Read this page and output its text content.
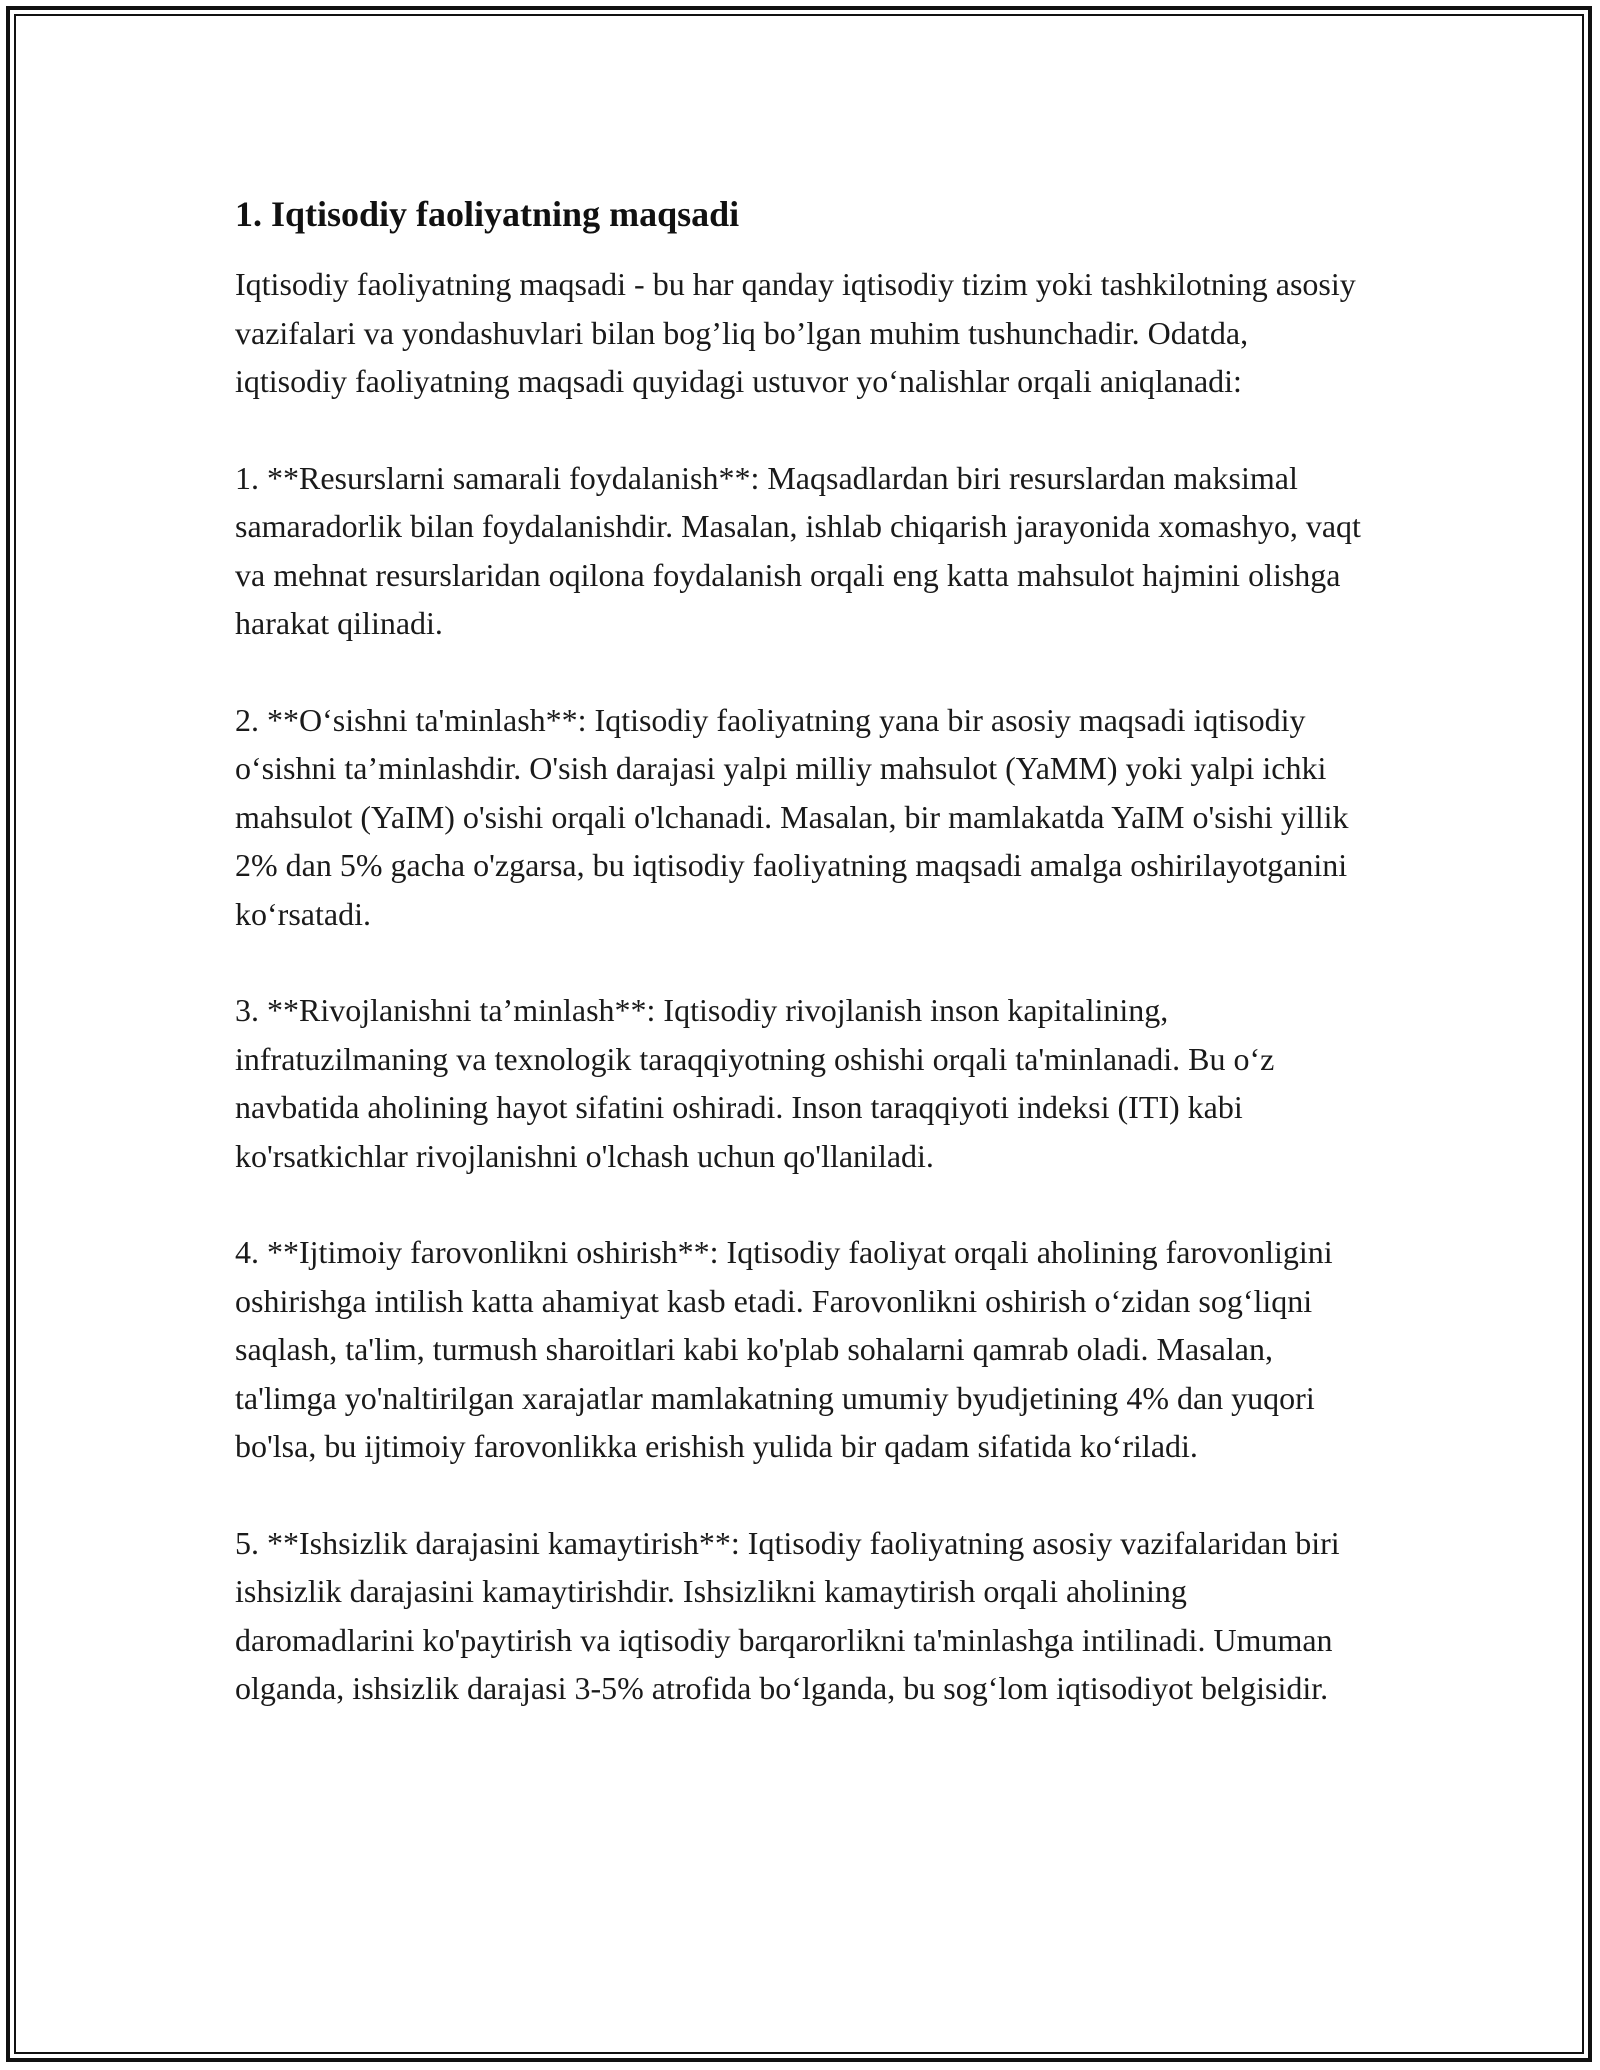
1. Iqtisodiy faoliyatning maqsadi

Iqtisodiy faoliyatning maqsadi - bu har qanday iqtisodiy tizim yoki tashkilotning asosiy vazifalari va yondashuvlari bilan bog’liq bo’lgan muhim tushunchadir. Odatda, iqtisodiy faoliyatning maqsadi quyidagi ustuvor yo‘nalishlar orqali aniqlanadi:

1. **Resurslarni samarali foydalanish**: Maqsadlardan biri resurslardan maksimal samaradorlik bilan foydalanishdir. Masalan, ishlab chiqarish jarayonida xomashyo, vaqt va mehnat resurslaridan oqilona foydalanish orqali eng katta mahsulot hajmini olishga harakat qilinadi.

2. **O‘sishni ta'minlash**: Iqtisodiy faoliyatning yana bir asosiy maqsadi iqtisodiy o‘sishni ta’minlashdir. O'sish darajasi yalpi milliy mahsulot (YaMM) yoki yalpi ichki mahsulot (YaIM) o'sishi orqali o'lchanadi. Masalan, bir mamlakatda YaIM o'sishi yillik 2% dan 5% gacha o'zgarsa, bu iqtisodiy faoliyatning maqsadi amalga oshirilayotganini ko‘rsatadi.

3. **Rivojlanishni ta’minlash**: Iqtisodiy rivojlanish inson kapitalining, infratuzilmaning va texnologik taraqqiyotning oshishi orqali ta'minlanadi. Bu o‘z navbatida aholining hayot sifatini oshiradi. Inson taraqqiyoti indeksi (ITI) kabi ko'rsatkichlar rivojlanishni o'lchash uchun qo'llaniladi.

4. **Ijtimoiy farovonlikni oshirish**: Iqtisodiy faoliyat orqali aholining farovonligini oshirishga intilish katta ahamiyat kasb etadi. Farovonlikni oshirish o‘zidan sog‘liqni saqlash, ta'lim, turmush sharoitlari kabi ko'plab sohalarni qamrab oladi. Masalan, ta'limga yo'naltirilgan xarajatlar mamlakatning umumiy byudjetining 4% dan yuqori bo'lsa, bu ijtimoiy farovonlikka erishish yulida bir qadam sifatida ko‘riladi.

5. **Ishsizlik darajasini kamaytirish**: Iqtisodiy faoliyatning asosiy vazifalaridan biri ishsizlik darajasini kamaytirishdir. Ishsizlikni kamaytirish orqali aholining daromadlarini ko'paytirish va iqtisodiy barqarorlikni ta'minlashga intilinadi. Umuman olganda, ishsizlik darajasi 3-5% atrofida bo‘lganda, bu sog‘lom iqtisodiyot belgisidir.
